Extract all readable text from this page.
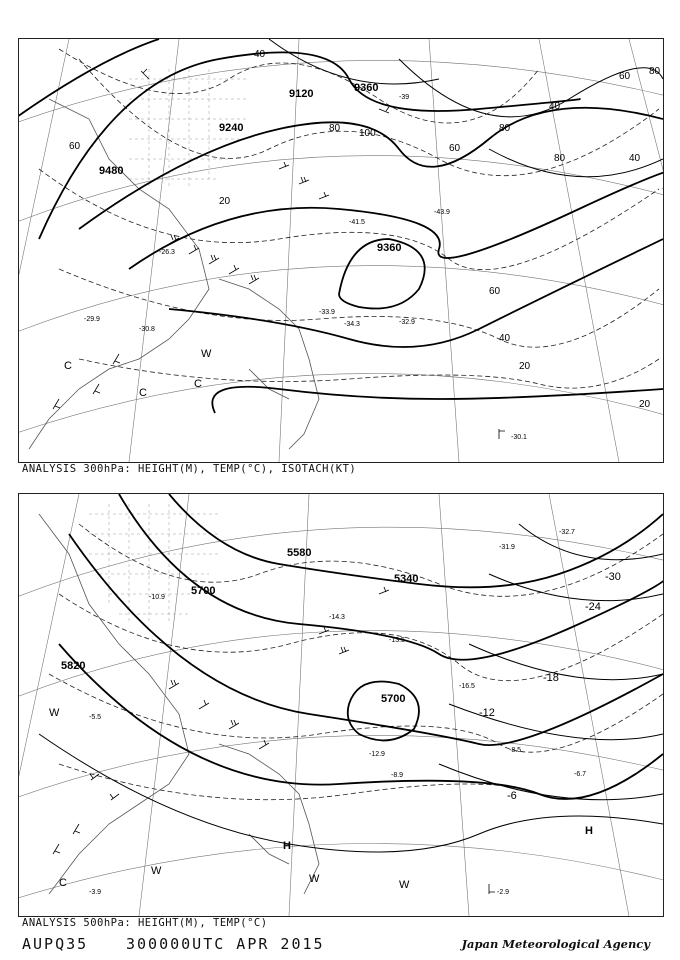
9120
9240
9360
9360
9480
60
20
40
80
40
60
80
80
100
60
40
20
20
40
60
80
-39
-41.5
-43.9
-33.9
-34.3	-32.9
-30.8
-29.9
-26.3
-30.1
C
C
C
W
ANALYSIS 300hPa: HEIGHT(M), TEMP(°C), ISOTACH(KT)
5580
5700
5340
5820
5700
-30
-24
-18
-12
-6
-10.9
-14.3
-16.5
-13.5
-8.5
-6.7
-5.5
-8.9
-12.9
-3.9	-2.9
-31.9
-32.7
H
H
W
W
W	W
C
ANALYSIS 500hPa: HEIGHT(M), TEMP(°C)
AUPQ35	300000UTC APR 2015	Japan Meteorological Agency
